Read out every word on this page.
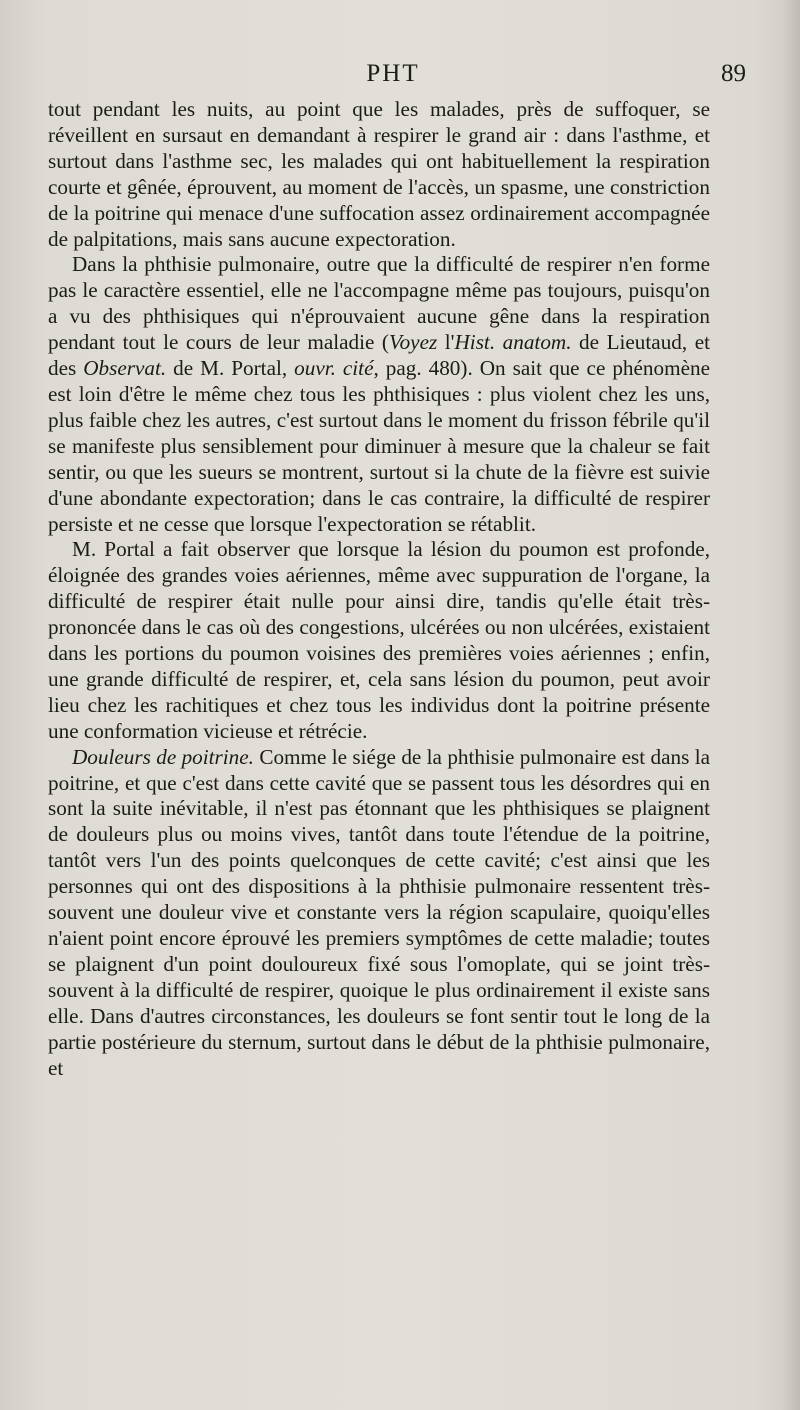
PHT	89

tout pendant les nuits, au point que les malades, près de suffoquer, se réveillent en sursaut en demandant à respirer le grand air : dans l'asthme, et surtout dans l'asthme sec, les malades qui ont habituellement la respiration courte et gênée, éprouvent, au moment de l'accès, un spasme, une constriction de la poitrine qui menace d'une suffocation assez ordinairement accompagnée de palpitations, mais sans aucune expectoration.

Dans la phthisie pulmonaire, outre que la difficulté de respirer n'en forme pas le caractère essentiel, elle ne l'accompagne même pas toujours, puisqu'on a vu des phthisiques qui n'éprouvaient aucune gêne dans la respiration pendant tout le cours de leur maladie (Voyez l'Hist. anatom. de Lieutaud, et des Observat. de M. Portal, ouvr. cité, pag. 480). On sait que ce phénomène est loin d'être le même chez tous les phthisiques : plus violent chez les uns, plus faible chez les autres, c'est surtout dans le moment du frisson fébrile qu'il se manifeste plus sensiblement pour diminuer à mesure que la chaleur se fait sentir, ou que les sueurs se montrent, surtout si la chute de la fièvre est suivie d'une abondante expectoration; dans le cas contraire, la difficulté de respirer persiste et ne cesse que lorsque l'expectoration se rétablit.

M. Portal a fait observer que lorsque la lésion du poumon est profonde, éloignée des grandes voies aériennes, même avec suppuration de l'organe, la difficulté de respirer était nulle pour ainsi dire, tandis qu'elle était très-prononcée dans le cas où des congestions, ulcérées ou non ulcérées, existaient dans les portions du poumon voisines des premières voies aériennes ; enfin, une grande difficulté de respirer, et, cela sans lésion du poumon, peut avoir lieu chez les rachitiques et chez tous les individus dont la poitrine présente une conformation vicieuse et rétrécie.

Douleurs de poitrine. Comme le siége de la phthisie pulmonaire est dans la poitrine, et que c'est dans cette cavité que se passent tous les désordres qui en sont la suite inévitable, il n'est pas étonnant que les phthisiques se plaignent de douleurs plus ou moins vives, tantôt dans toute l'étendue de la poitrine, tantôt vers l'un des points quelconques de cette cavité; c'est ainsi que les personnes qui ont des dispositions à la phthisie pulmonaire ressentent très-souvent une douleur vive et constante vers la région scapulaire, quoiqu'elles n'aient point encore éprouvé les premiers symptômes de cette maladie; toutes se plaignent d'un point douloureux fixé sous l'omoplate, qui se joint très-souvent à la difficulté de respirer, quoique le plus ordinairement il existe sans elle. Dans d'autres circonstances, les douleurs se font sentir tout le long de la partie postérieure du sternum, surtout dans le début de la phthisie pulmonaire, et
